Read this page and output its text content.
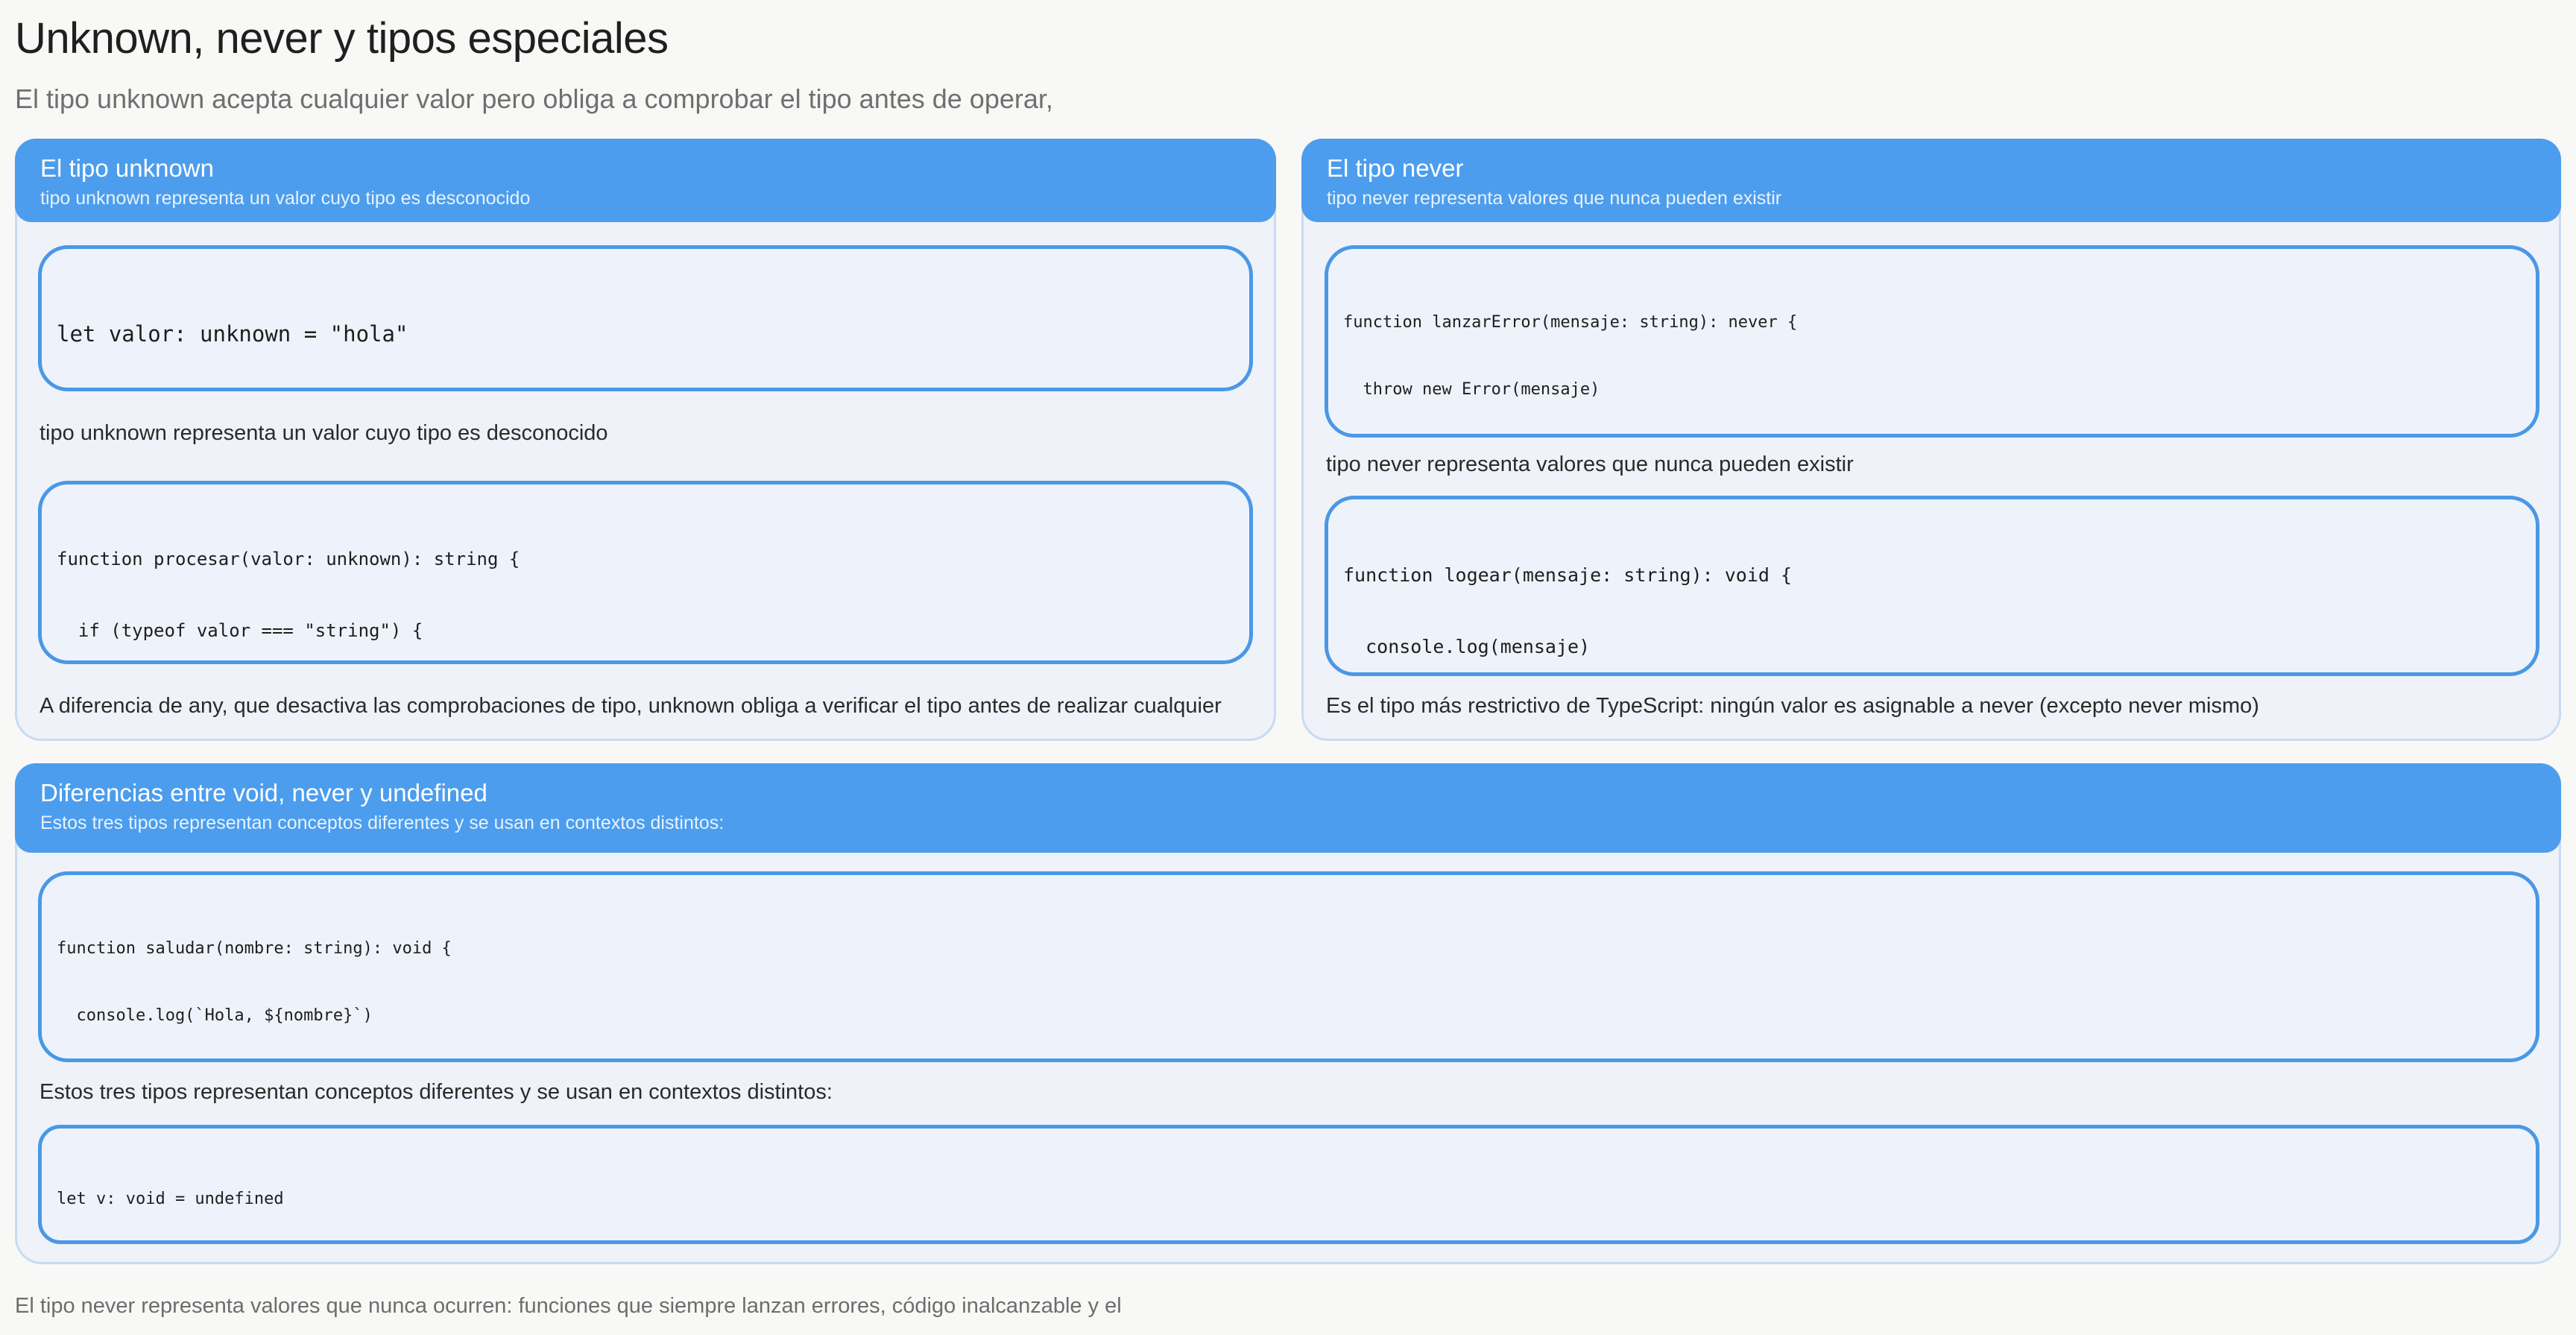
Unknown, never y tipos especiales

El tipo unknown acepta cualquier valor pero obliga a comprobar el tipo antes de operar,

El tipo unknown
tipo unknown representa un valor cuyo tipo es desconocido

let valor: unknown = "hola"

tipo unknown representa un valor cuyo tipo es desconocido

function procesar(valor: unknown): string {

if (typeof valor === "string") {

A diferencia de any, que desactiva las comprobaciones de tipo, unknown obliga a verificar el tipo antes de realizar cualquier
El tipo never
tipo never representa valores que nunca pueden existir

function lanzarError(mensaje: string): never {

throw new Error(mensaje)

tipo never representa valores que nunca pueden existir

function logear(mensaje: string): void {

console.log(mensaje)

Es el tipo más restrictivo de TypeScript: ningún valor es asignable a never (excepto never mismo)
Diferencias entre void, never y undefined
Estos tres tipos representan conceptos diferentes y se usan en contextos distintos:

function saludar(nombre: string): void {

console.log(`Hola, ${nombre}`)

Estos tres tipos representan conceptos diferentes y se usan en contextos distintos:

let v: void = undefined

El tipo never representa valores que nunca ocurren: funciones que siempre lanzan errores, código inalcanzable y el
